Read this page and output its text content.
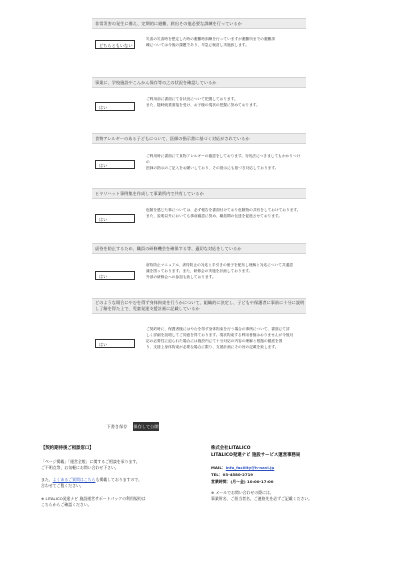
非常災害の発生に備え、定期的に避難、救出その他必要な訓練を行っているか
どちらともいない
災害の災害時を想定した時の避難時訓練を行っていますが避難所までの避難訓
練については今後の課題であり、早急に検討し実施致します。
事業に、学校施設やこんかん保存等の之の状況を確認しているか
はい
ご利用前に書面にて各状況について把握しております。
また、随時就業面接を受け、お子様の現状の把握に努めております。
食物アレルギーのある子どもについて、医師の指示書に基づく対応がされているか
はい
ご利用時に書面にて食物アレルギーの確認をしております。対処法につきましてもかかりつけの
医師の指示のご記入をお願いしており、その指示にも基づき対応しております。
ヒヤリハット事例集を作成して事業所内で共有しているか
はい
危険を感じた事については、必ず報告を書面付けており危険物の共有をしておけております。
また、説明以外においても事前確認に努め、職員間の伝達を促進させております。
虐待を防止するため、職員の研修機会を確保する等、適切な対応をしているか
はい
虐待防止マニュアル、虐待防止の対応と手引きの冊子を配布し理解と対応について共通認
識を図っております。また、研修会の実施を計画しております。
外部の研修会への参加も致しております。
どのような場合にやむを得ず身体拘束を行うかについて、組織的に決定し、子どもや保護者に事前に十分に説明し了解を得た上で、児童発達支援計画に記載しているか
はい
ご契約時に、保護者様にはやむを得ず身体拘束を行う場合の事例について、書面にて詳
しく詳細を説明してご同意を得ております。現状拘束する利用者様はおりませんが今後対
応の必要性に迫られた場合には施設内にて十分対応の内容の理解と根拠の徹底を図
り、支援上身体拘束が必要な場合に限り、支援計画にその旨の記載を致します。
下書き保存	保存して公開
【契約期待後ご相談窓口】
「ページ掲載」「運営全般」に関するご相談を承ります。
ご不明点等、お気軽にお問い合わせ下さい。
また、よくあるご質問はこちらも掲載しておりますので、
合わせてご覧ください。
※ LITALICO発達ナビ 施設運営サポートパックの利用規約は
こちらからご確認ください。
株式会社LITALICO
LITALICO発達ナビ 施設サービス運営事務局
MAIL：info_facility@h-navi.jp
TEL：03-4580-2719
営業時間：(月〜金) 10:00-17:00
※ メールでお問い合わせの際には、
事業所名、ご担当者名、ご連絡先を必ずご記載ください。
